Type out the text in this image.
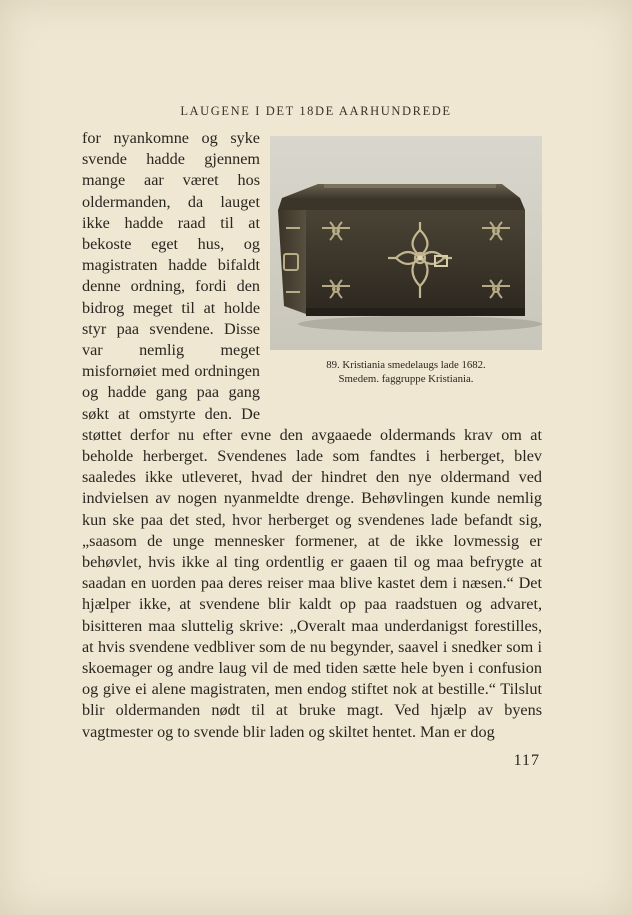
LAUGENE I DET 18DE AARHUNDREDE
89. Kristiania smedelaugs lade 1682.
Smedem. faggruppe Kristiania.

for nyankomne og syke svende hadde gjennem mange aar været hos oldermanden, da lauget ikke hadde raad til at bekoste eget hus, og magistraten hadde bifaldt denne ordning, fordi den bidrog meget til at holde styr paa svendene. Disse var nemlig meget misfornøiet med ordningen og hadde gang paa gang søkt at omstyrte den. De støttet derfor nu efter evne den avgaaede oldermands krav om at beholde herberget. Svendenes lade som fandtes i herberget, blev saaledes ikke utleveret, hvad der hindret den nye oldermand ved indvielsen av nogen nyanmeldte drenge. Behøvlingen kunde nemlig kun ske paa det sted, hvor herberget og svendenes lade befandt sig, „saasom de unge mennesker formener, at de ikke lovmessig er behøvlet, hvis ikke al ting ordentlig er gaaen til og maa befrygte at saadan en uorden paa deres reiser maa blive kastet dem i næsen.“ Det hjælper ikke, at svendene blir kaldt op paa raadstuen og advaret, bisitteren maa sluttelig skrive: „Overalt maa underdanigst forestilles, at hvis svendene vedbliver som de nu begynder, saavel i snedker som i skoemager og andre laug vil de med tiden sætte hele byen i confusion og give ei alene magistraten, men endog stiftet nok at bestille.“ Tilslut blir oldermanden nødt til at bruke magt. Ved hjælp av byens vagtmester og to svende blir laden og skiltet hentet. Man er dog

117
